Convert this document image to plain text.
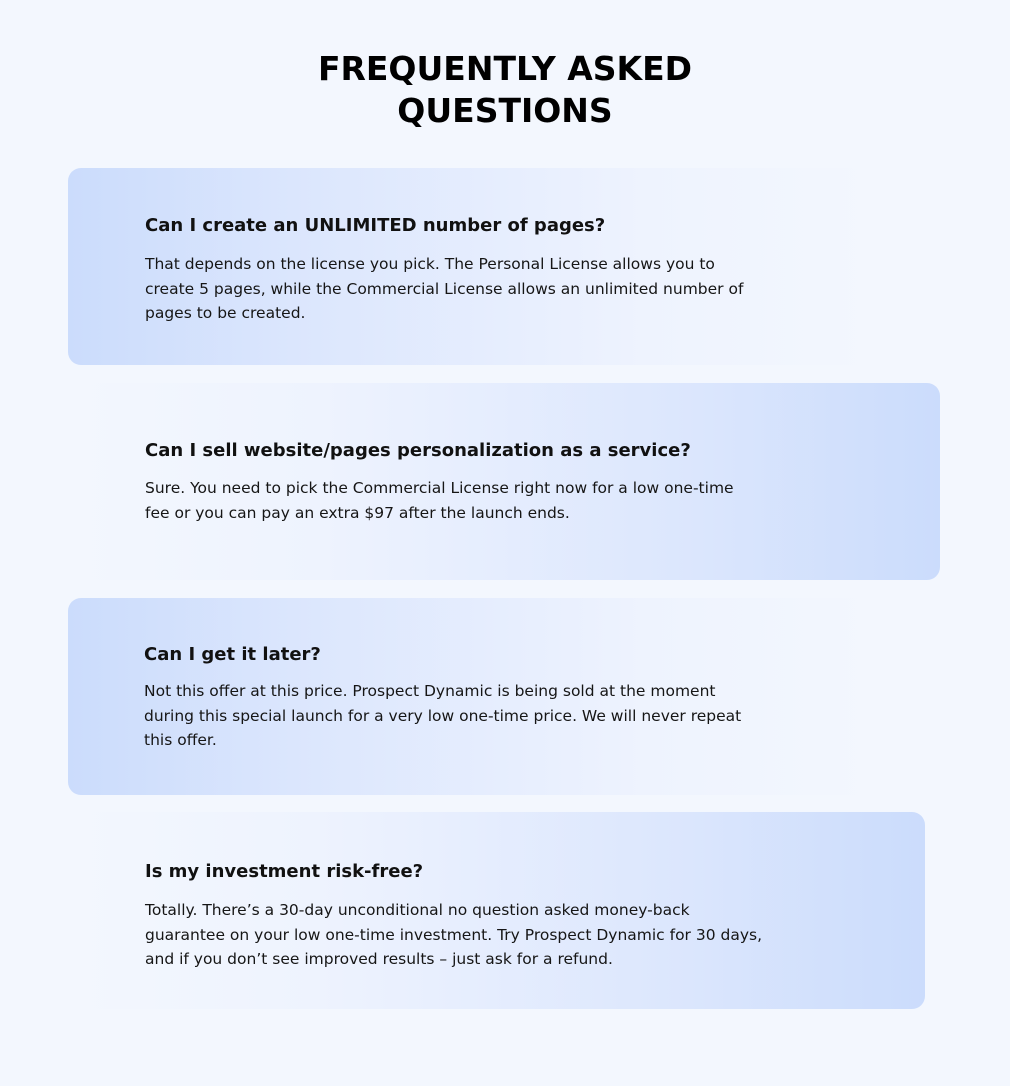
FREQUENTLY ASKED
QUESTIONS
Can I create an UNLIMITED number of pages?

That depends on the license you pick. The Personal License allows you to
create 5 pages, while the Commercial License allows an unlimited number of
pages to be created.

Can I sell website/pages personalization as a service?

Sure. You need to pick the Commercial License right now for a low one-time
fee or you can pay an extra $97 after the launch ends.

Can I get it later?

Not this offer at this price. Prospect Dynamic is being sold at the moment
during this special launch for a very low one-time price. We will never repeat
this offer.

Is my investment risk-free?

Totally. There’s a 30-day unconditional no question asked money-back
guarantee on your low one-time investment. Try Prospect Dynamic for 30 days,
and if you don’t see improved results – just ask for a refund.
